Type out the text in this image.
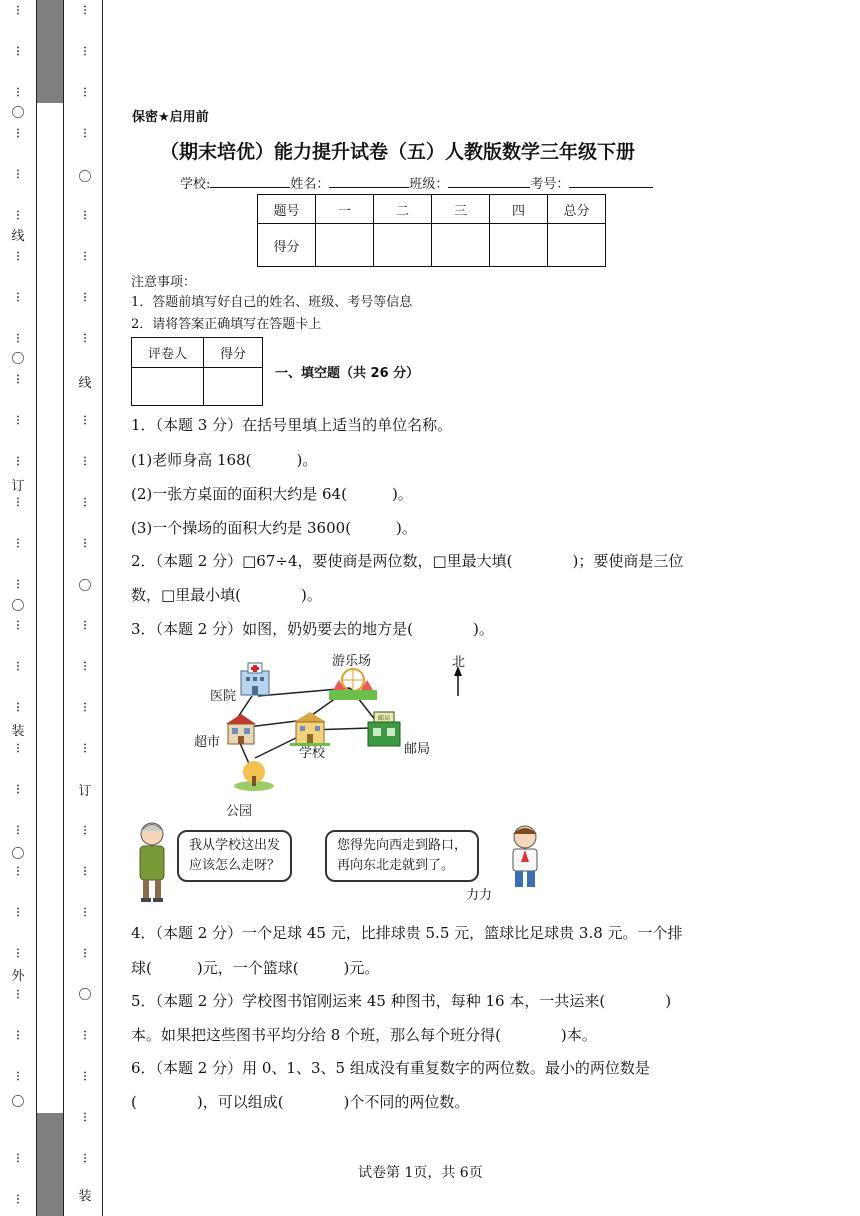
⋮
⋮
⋮
⋮
⋮
⋮
⋮
⋮
⋮
⋮
⋮
⋮
⋮
⋮
⋮
⋮
⋮
⋮
⋮
⋮
⋮
⋮
⋮
⋮
⋮
⋮
⋮
⋮
⋮
〇
线
〇
订
〇
装
〇
外
〇
⋮
⋮
⋮
⋮
⋮
⋮
⋮
⋮
⋮
⋮
⋮
⋮
⋮
⋮
⋮
⋮
⋮
⋮
⋮
⋮
⋮
⋮
⋮
⋮
〇
线
〇
订
〇
装
保密★启用前
（期末培优）能力提升试卷（五）人教版数学三年级下册
学校:	姓名：	班级：	考号：
题号	一	二	三	四	总分
得分					
注意事项：
1．答题前填写好自己的姓名、班级、考号等信息
2．请将答案正确填写在答题卡上
评卷人	得分

一、填空题（共 26 分）
1．（本题 3 分）在括号里填上适当的单位名称。
(1)老师身高 168(　　　)。
(2)一张方桌面的面积大约是 64(　　　)。
(3)一个操场的面积大约是 3600(　　　)。
2．（本题 2 分）□67÷4，要使商是两位数，□里最大填(　　　　)；要使商是三位
数，□里最小填(　　　　)。
3．（本题 2 分）如图，奶奶要去的地方是(　　　　)。
邮局
游乐场
医院
超市
学校	邮局
公园
北
我从学校这出发
应该怎么走呀？
您得先向西走到路口，
再向东北走就到了。
力力
4．（本题 2 分）一个足球 45 元，比排球贵 5.5 元，篮球比足球贵 3.8 元。一个排
球(　　　)元，一个篮球(　　　)元。
5．（本题 2 分）学校图书馆刚运来 45 种图书，每种 16 本，一共运来(　　　　)
本。如果把这些图书平均分给 8 个班，那么每个班分得(　　　　)本。
6．（本题 2 分）用 0、1、3、5 组成没有重复数字的两位数。最小的两位数是
(　　　　)，可以组成(　　　　)个不同的两位数。
试卷第 1页，共 6页
